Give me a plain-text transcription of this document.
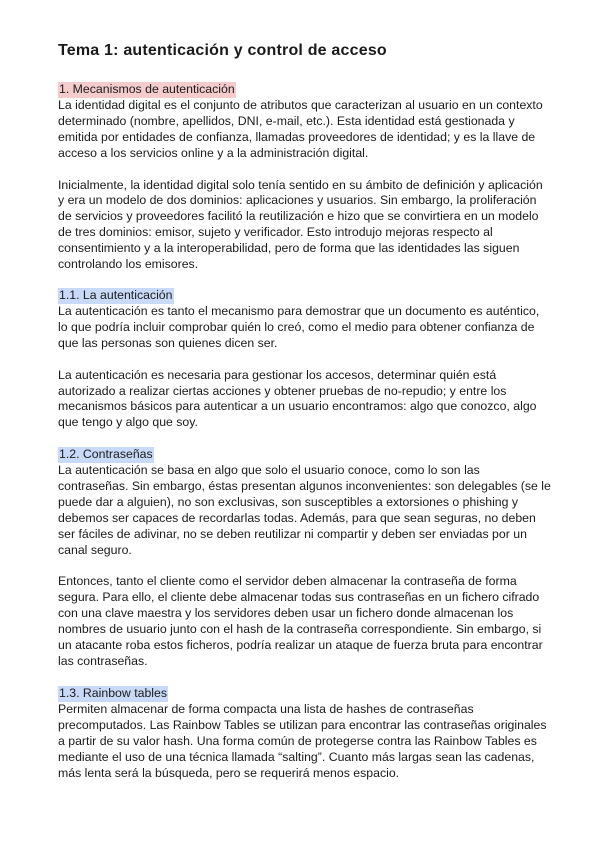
Tema 1: autenticación y control de acceso
1. Mecanismos de autenticación

La identidad digital es el conjunto de atributos que caracterizan al usuario en un contexto
determinado (nombre, apellidos, DNI, e-mail, etc.). Esta identidad está gestionada y
emitida por entidades de confianza, llamadas proveedores de identidad; y es la llave de
acceso a los servicios online y a la administración digital.

Inicialmente, la identidad digital solo tenía sentido en su ámbito de definición y aplicación
y era un modelo de dos dominios: aplicaciones y usuarios. Sin embargo, la proliferación
de servicios y proveedores facilitó la reutilización e hizo que se convirtiera en un modelo
de tres dominios: emisor, sujeto y verificador. Esto introdujo mejoras respecto al
consentimiento y a la interoperabilidad, pero de forma que las identidades las siguen
controlando los emisores.

1.1. La autenticación

La autenticación es tanto el mecanismo para demostrar que un documento es auténtico,
lo que podría incluir comprobar quién lo creó, como el medio para obtener confianza de
que las personas son quienes dicen ser.

La autenticación es necesaria para gestionar los accesos, determinar quién está
autorizado a realizar ciertas acciones y obtener pruebas de no-repudio; y entre los
mecanismos básicos para autenticar a un usuario encontramos: algo que conozco, algo
que tengo y algo que soy.

1.2. Contraseñas

La autenticación se basa en algo que solo el usuario conoce, como lo son las
contraseñas. Sin embargo, éstas presentan algunos inconvenientes: son delegables (se le
puede dar a alguien), no son exclusivas, son susceptibles a extorsiones o phishing y
debemos ser capaces de recordarlas todas. Además, para que sean seguras, no deben
ser fáciles de adivinar, no se deben reutilizar ni compartir y deben ser enviadas por un
canal seguro.

Entonces, tanto el cliente como el servidor deben almacenar la contraseña de forma
segura. Para ello, el cliente debe almacenar todas sus contraseñas en un fichero cifrado
con una clave maestra y los servidores deben usar un fichero donde almacenan los
nombres de usuario junto con el hash de la contraseña correspondiente. Sin embargo, si
un atacante roba estos ficheros, podría realizar un ataque de fuerza bruta para encontrar
las contraseñas.

1.3. Rainbow tables

Permiten almacenar de forma compacta una lista de hashes de contraseñas
precomputados. Las Rainbow Tables se utilizan para encontrar las contraseñas originales
a partir de su valor hash. Una forma común de protegerse contra las Rainbow Tables es
mediante el uso de una técnica llamada “salting”. Cuanto más largas sean las cadenas,
más lenta será la búsqueda, pero se requerirá menos espacio.
